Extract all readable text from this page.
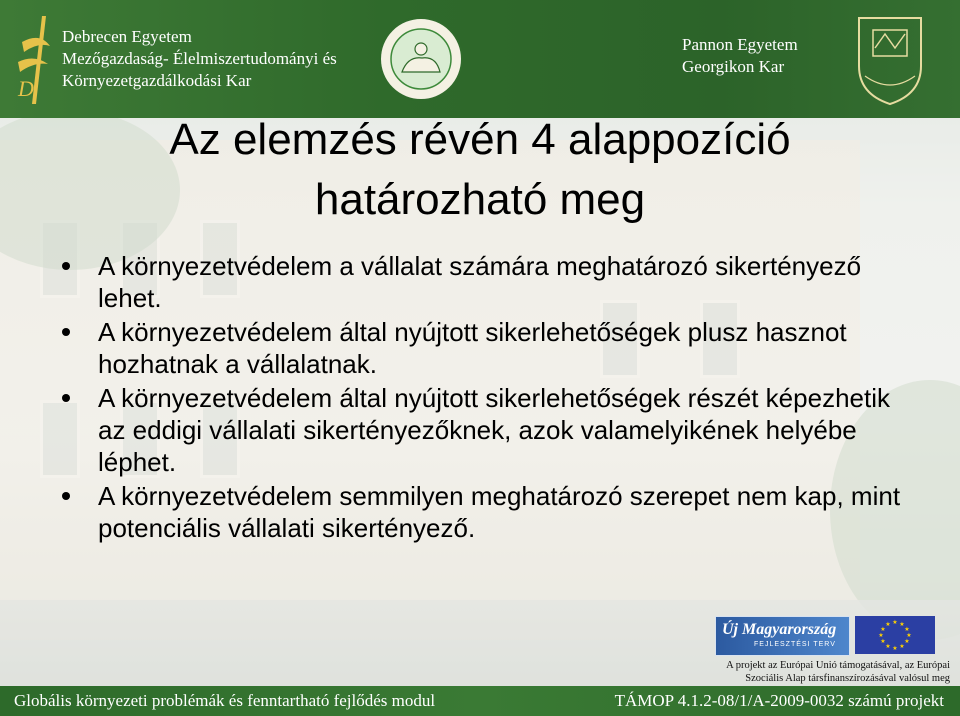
D
Debrecen Egyetem
Mezőgazdaság- Élelmiszertudományi és
Környezetgazdálkodási Kar
Pannon Egyetem
Georgikon Kar
Az elemzés révén 4 alappozíció
határozható meg
A környezetvédelem a vállalat számára meghatározó sikertényező lehet.
A környezetvédelem által nyújtott sikerlehetőségek plusz hasznot hozhatnak a vállalatnak.
A környezetvédelem által nyújtott sikerlehetőségek részét képezhetik az eddigi vállalati sikertényezőknek, azok valamelyikének helyébe léphet.
A környezetvédelem semmilyen meghatározó szerepet nem kap, mint potenciális vállalati sikertényező.
Új Magyarország
FEJLESZTÉSI TERV
★ ★
★
★
★
★
★
★
★
★
★
★
A projekt az Európai Unió támogatásával, az Európai
Szociális Alap társfinanszírozásával valósul meg
Globális környezeti problémák és fenntartható fejlődés modul	TÁMOP 4.1.2-08/1/A-2009-0032 számú projekt
